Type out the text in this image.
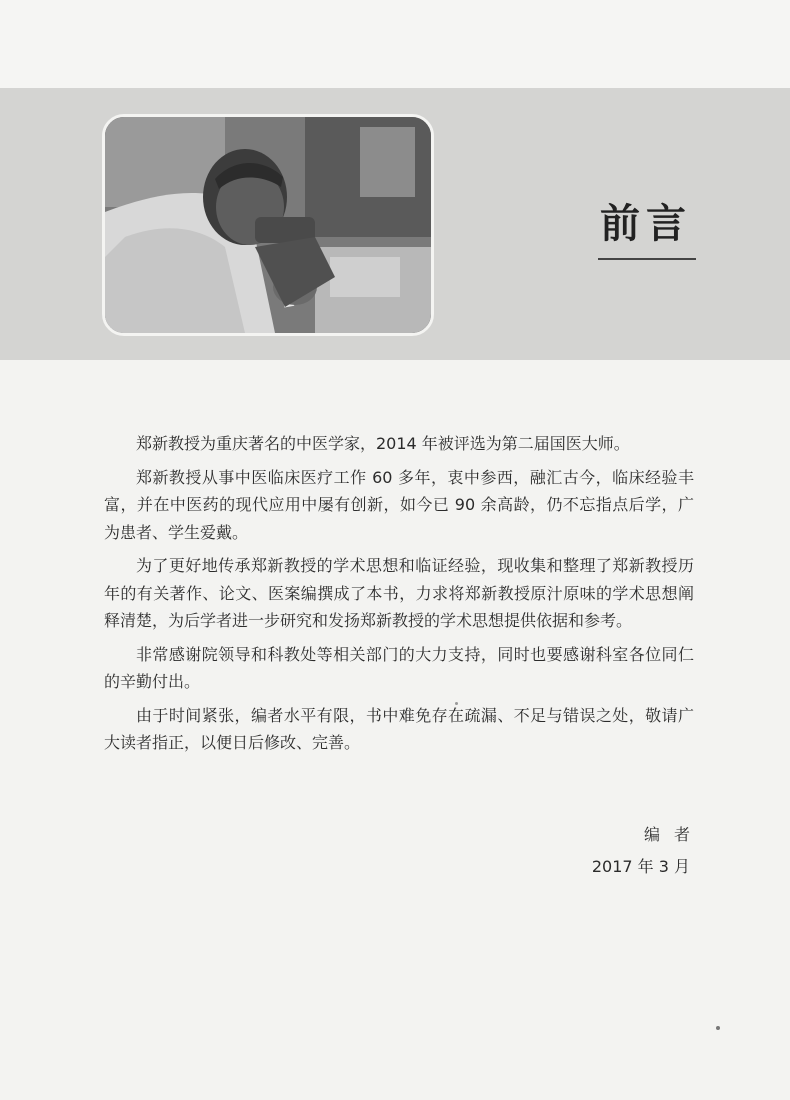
前言

郑新教授为重庆著名的中医学家，2014 年被评选为第二届国医大师。

郑新教授从事中医临床医疗工作 60 多年，衷中参西，融汇古今，临床经验丰富，并在中医药的现代应用中屡有创新，如今已 90 余高龄，仍不忘指点后学，广为患者、学生爱戴。

为了更好地传承郑新教授的学术思想和临证经验，现收集和整理了郑新教授历年的有关著作、论文、医案编撰成了本书，力求将郑新教授原汁原味的学术思想阐释清楚，为后学者进一步研究和发扬郑新教授的学术思想提供依据和参考。

非常感谢院领导和科教处等相关部门的大力支持，同时也要感谢科室各位同仁的辛勤付出。

由于时间紧张，编者水平有限，书中难免存在疏漏、不足与错误之处，敬请广大读者指正，以便日后修改、完善。

编者

2017 年 3 月
